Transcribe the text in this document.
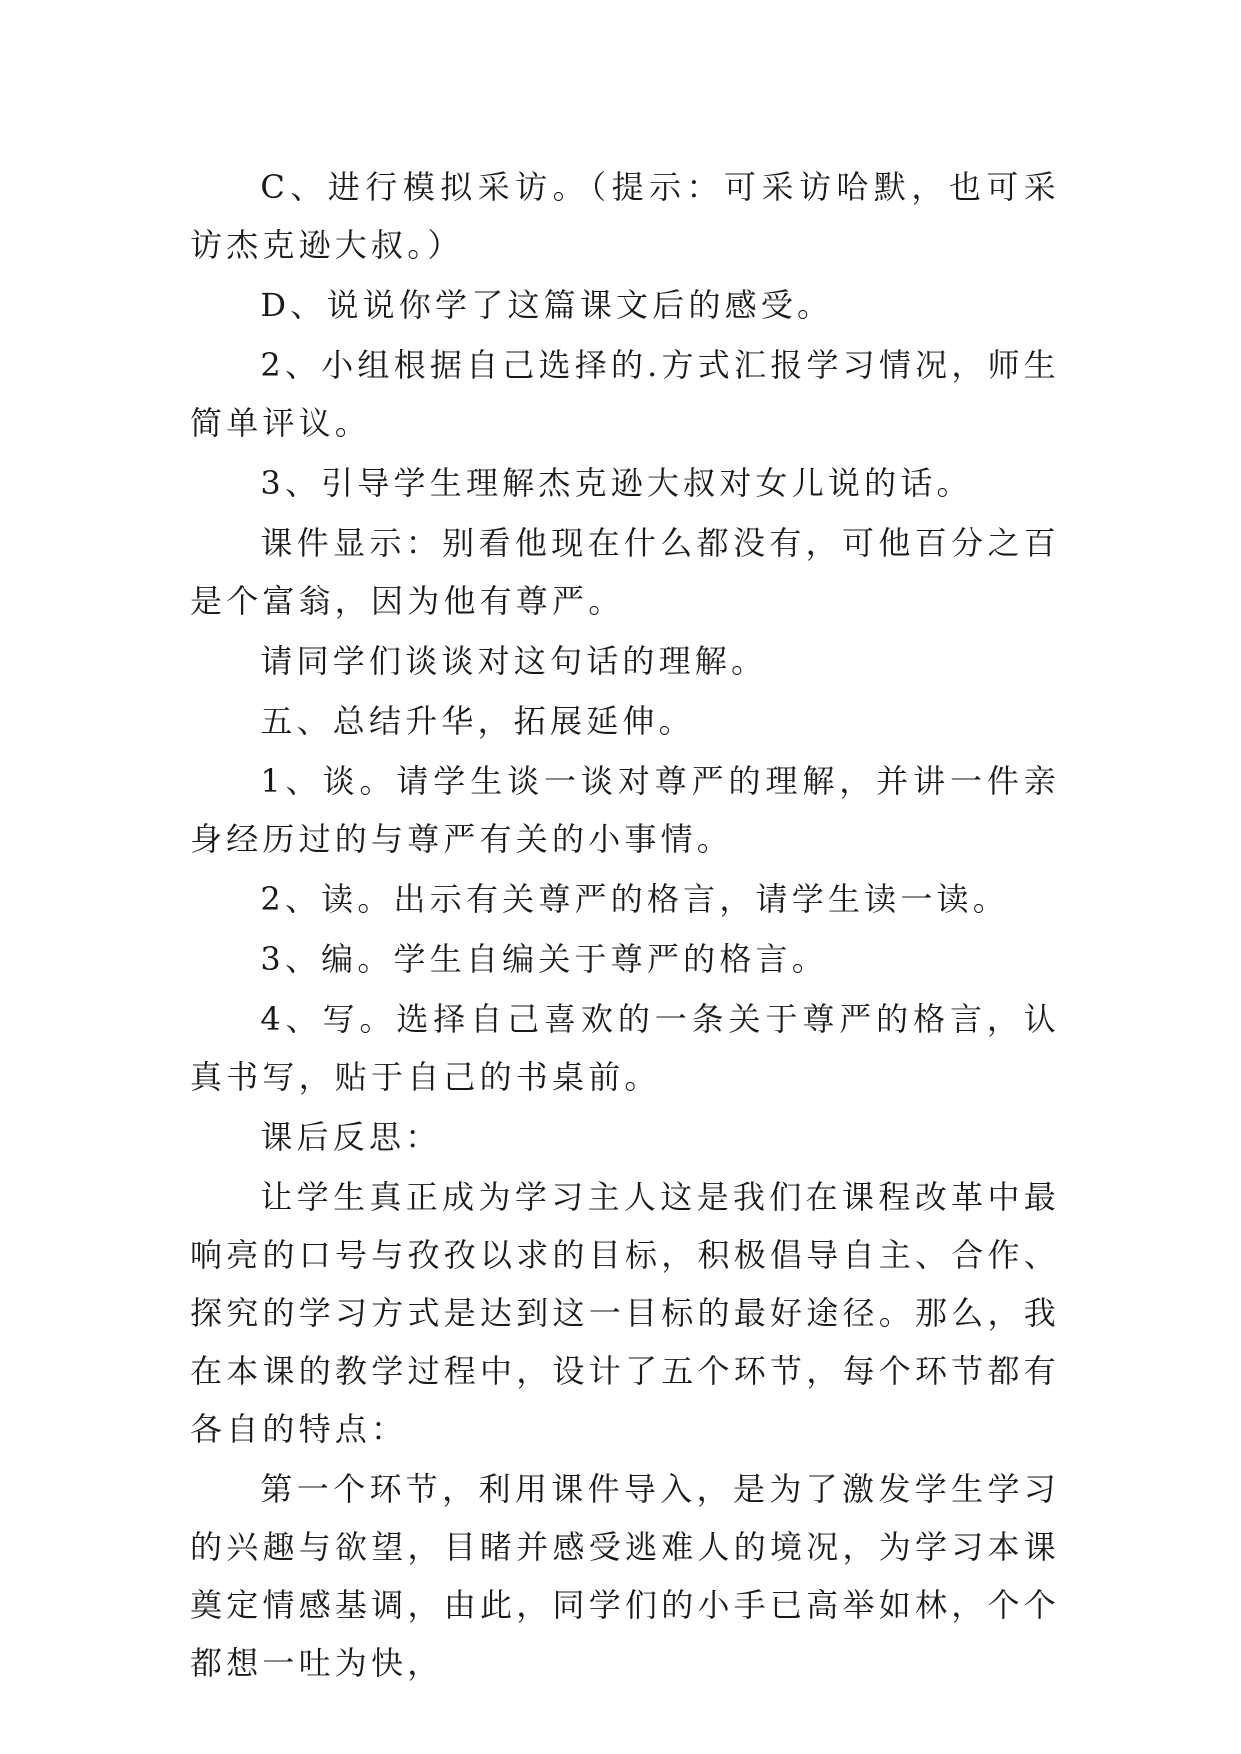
C、进行模拟采访。（提示：可采访哈默，也可采访杰克逊大叔。）

D、说说你学了这篇课文后的感受。

2、小组根据自己选择的.方式汇报学习情况，师生简单评议。

3、引导学生理解杰克逊大叔对女儿说的话。

课件显示：别看他现在什么都没有，可他百分之百是个富翁，因为他有尊严。

请同学们谈谈对这句话的理解。

五、总结升华，拓展延伸。

1、谈。请学生谈一谈对尊严的理解，并讲一件亲身经历过的与尊严有关的小事情。

2、读。出示有关尊严的格言，请学生读一读。

3、编。学生自编关于尊严的格言。

4、写。选择自己喜欢的一条关于尊严的格言，认真书写，贴于自己的书桌前。

课后反思：

让学生真正成为学习主人这是我们在课程改革中最响亮的口号与孜孜以求的目标，积极倡导自主、合作、探究的学习方式是达到这一目标的最好途径。那么，我在本课的教学过程中，设计了五个环节，每个环节都有各自的特点：

第一个环节，利用课件导入，是为了激发学生学习的兴趣与欲望，目睹并感受逃难人的境况，为学习本课奠定情感基调，由此，同学们的小手已高举如林，个个都想一吐为快，
